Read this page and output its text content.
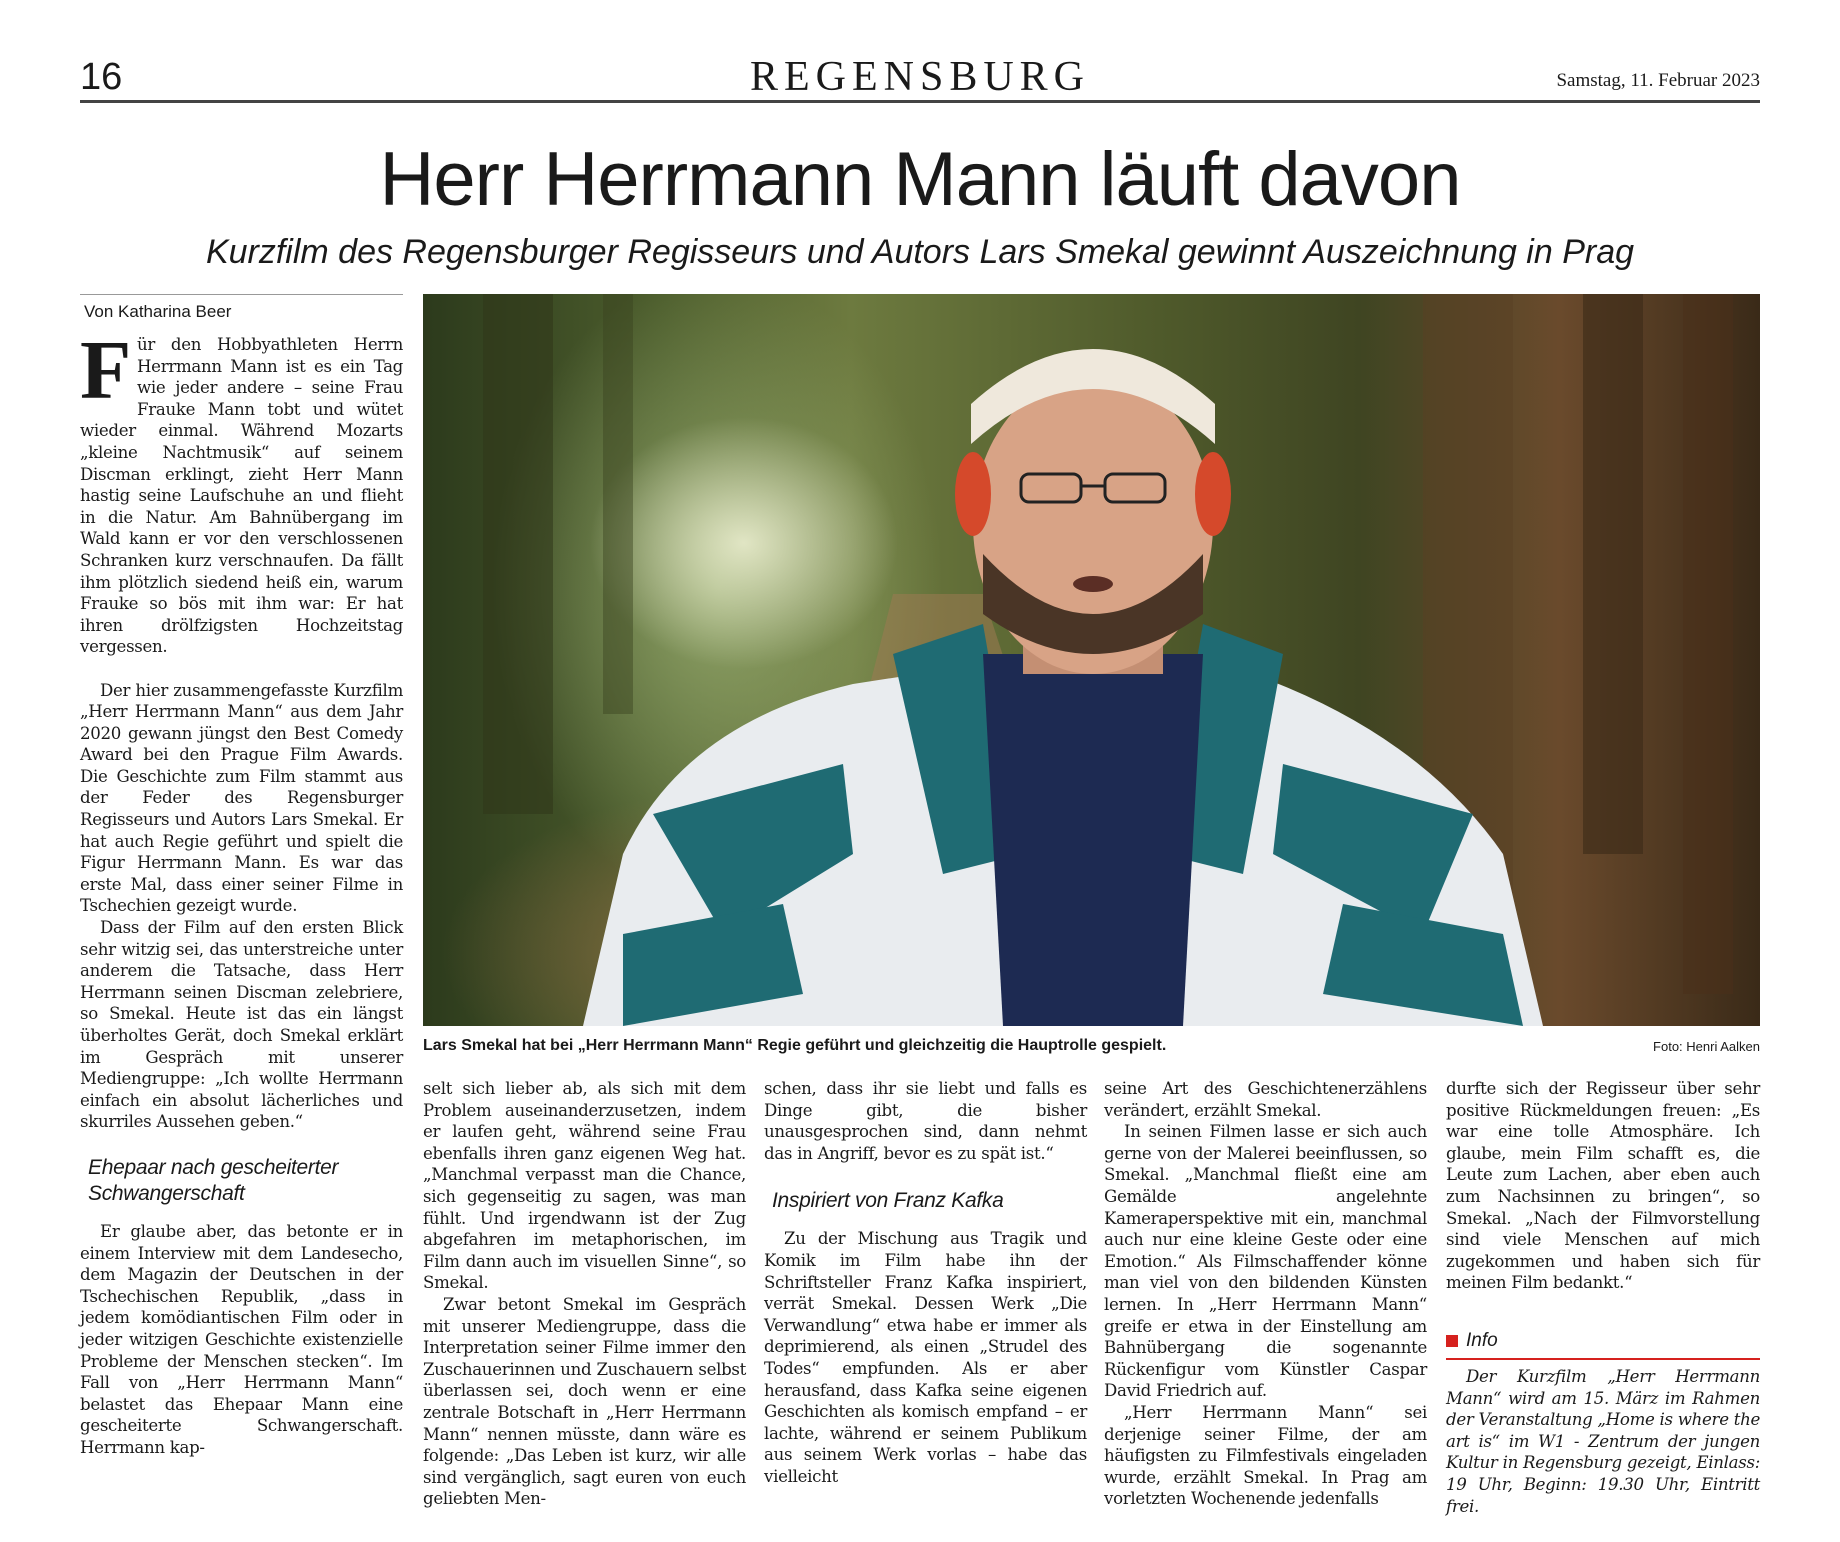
16	REGENSBURG	Samstag, 11. Februar 2023
Herr Herrmann Mann läuft davon
Kurzfilm des Regensburger Regisseurs und Autors Lars Smekal gewinnt Auszeichnung in Prag
Von Katharina Beer
Lars Smekal hat bei „Herr Herrmann Mann“ Regie geführt und gleichzeitig die Hauptrolle gespielt.	Foto: Henri Aalken

Für den Hobbyathleten Herrn Herrmann Mann ist es ein Tag wie jeder andere – seine Frau Frauke Mann tobt und wütet wieder einmal. Während Mozarts „kleine Nachtmusik“ auf seinem Discman erklingt, zieht Herr Mann hastig seine Laufschuhe an und flieht in die Natur. Am Bahnübergang im Wald kann er vor den verschlossenen Schranken kurz verschnaufen. Da fällt ihm plötzlich siedend heiß ein, warum Frauke so bös mit ihm war: Er hat ihren drölfzigsten Hochzeitstag vergessen.

Der hier zusammengefasste Kurzfilm „Herr Herrmann Mann“ aus dem Jahr 2020 gewann jüngst den Best Comedy Award bei den Prague Film Awards. Die Geschichte zum Film stammt aus der Feder des Regensburger Regisseurs und Autors Lars Smekal. Er hat auch Regie geführt und spielt die Figur Herrmann Mann. Es war das erste Mal, dass einer seiner Filme in Tschechien gezeigt wurde.

Dass der Film auf den ersten Blick sehr witzig sei, das unterstreiche unter anderem die Tatsache, dass Herr Herrmann seinen Discman zelebriere, so Smekal. Heute ist das ein längst überholtes Gerät, doch Smekal erklärt im Gespräch mit unserer Mediengruppe: „Ich wollte Herrmann einfach ein absolut lächerliches und skurriles Aussehen geben.“

Ehepaar nach gescheiterter Schwangerschaft

Er glaube aber, das betonte er in einem Interview mit dem Landesecho, dem Magazin der Deutschen in der Tschechischen Republik, „dass in jedem komödiantischen Film oder in jeder witzigen Geschichte existenzielle Probleme der Menschen stecken“. Im Fall von „Herr Herrmann Mann“ belastet das Ehepaar Mann eine gescheiterte Schwangerschaft. Herrmann kap-

selt sich lieber ab, als sich mit dem Problem auseinanderzusetzen, indem er laufen geht, während seine Frau ebenfalls ihren ganz eigenen Weg hat. „Manchmal verpasst man die Chance, sich gegenseitig zu sagen, was man fühlt. Und irgendwann ist der Zug abgefahren im metaphorischen, im Film dann auch im visuellen Sinne“, so Smekal.

Zwar betont Smekal im Gespräch mit unserer Mediengruppe, dass die Interpretation seiner Filme immer den Zuschauerinnen und Zuschauern selbst überlassen sei, doch wenn er eine zentrale Botschaft in „Herr Herrmann Mann“ nennen müsste, dann wäre es folgende: „Das Leben ist kurz, wir alle sind vergänglich, sagt euren von euch geliebten Men-

schen, dass ihr sie liebt und falls es Dinge gibt, die bisher unausgesprochen sind, dann nehmt das in Angriff, bevor es zu spät ist.“

Inspiriert von Franz Kafka

Zu der Mischung aus Tragik und Komik im Film habe ihn der Schriftsteller Franz Kafka inspiriert, verrät Smekal. Dessen Werk „Die Verwandlung“ etwa habe er immer als deprimierend, als einen „Strudel des Todes“ empfunden. Als er aber herausfand, dass Kafka seine eigenen Geschichten als komisch empfand – er lachte, während er seinem Publikum aus seinem Werk vorlas – habe das vielleicht

seine Art des Geschichtenerzählens verändert, erzählt Smekal.

In seinen Filmen lasse er sich auch gerne von der Malerei beeinflussen, so Smekal. „Manchmal fließt eine am Gemälde angelehnte Kameraperspektive mit ein, manchmal auch nur eine kleine Geste oder eine Emotion.“ Als Filmschaffender könne man viel von den bildenden Künsten lernen. In „Herr Herrmann Mann“ greife er etwa in der Einstellung am Bahnübergang die sogenannte Rückenfigur vom Künstler Caspar David Friedrich auf.

„Herr Herrmann Mann“ sei derjenige seiner Filme, der am häufigsten zu Filmfestivals eingeladen wurde, erzählt Smekal. In Prag am vorletzten Wochenende jedenfalls

durfte sich der Regisseur über sehr positive Rückmeldungen freuen: „Es war eine tolle Atmosphäre. Ich glaube, mein Film schafft es, die Leute zum Lachen, aber eben auch zum Nachsinnen zu bringen“, so Smekal. „Nach der Filmvorstellung sind viele Menschen auf mich zugekommen und haben sich für meinen Film bedankt.“

Info
Der Kurzfilm „Herr Herrmann Mann“ wird am 15. März im Rahmen der Veranstaltung „Home is where the art is“ im W1 - Zentrum der jungen Kultur in Regensburg gezeigt, Einlass: 19 Uhr, Beginn: 19.30 Uhr, Eintritt frei.
